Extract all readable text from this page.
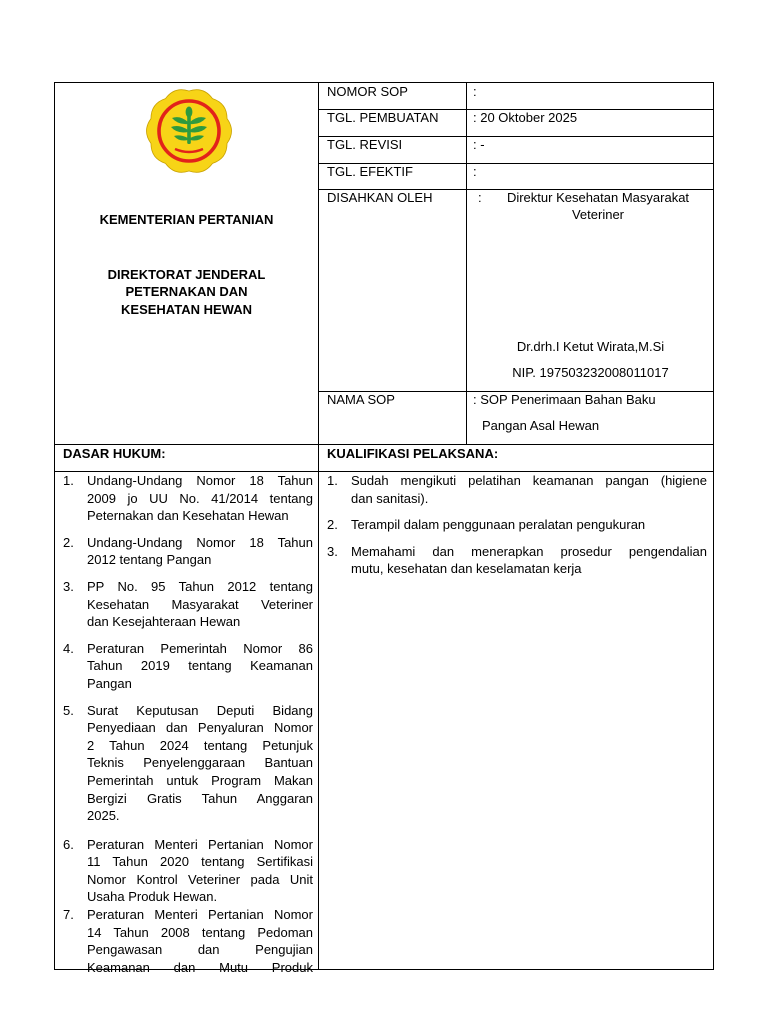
KEMENTERIAN PERTANIAN
DIREKTORAT JENDERAL
PETERNAKAN DAN
KESEHATAN HEWAN
NOMOR SOP	:
TGL. PEMBUATAN	: 20 Oktober 2025
TGL. REVISI	: -
TGL. EFEKTIF	:
DISAHKAN OLEH	:	Direktur Kesehatan Masyarakat
Veteriner
Dr.drh.I Ketut Wirata,M.Si
NIP. 197503232008011017
NAMA SOP	: SOP Penerimaan Bahan Baku
Pangan Asal Hewan
DASAR HUKUM:	KUALIFIKASI PELAKSANA:
1. Undang-Undang Nomor 18 Tahun
2009 jo UU No. 41/2014 tentang
Peternakan dan Kesehatan Hewan
2. Undang-Undang Nomor 18 Tahun
2012 tentang Pangan
3. PP No. 95 Tahun 2012 tentang
Kesehatan Masyarakat Veteriner
dan Kesejahteraan Hewan
4. Peraturan Pemerintah Nomor 86
Tahun 2019 tentang Keamanan
Pangan
5. Surat Keputusan Deputi Bidang
Penyediaan dan Penyaluran Nomor
2 Tahun 2024 tentang Petunjuk
Teknis Penyelenggaraan Bantuan
Pemerintah untuk Program Makan
Bergizi Gratis Tahun Anggaran
2025.
6. Peraturan Menteri Pertanian Nomor
11 Tahun 2020 tentang Sertifikasi
Nomor Kontrol Veteriner pada Unit
Usaha Produk Hewan.
7. Peraturan Menteri Pertanian Nomor
14 Tahun 2008 tentang Pedoman
Pengawasan dan Pengujian
Keamanan dan Mutu Produk
1. Sudah mengikuti pelatihan keamanan pangan (higiene
dan sanitasi).
2. Terampil dalam penggunaan peralatan pengukuran
3. Memahami dan menerapkan prosedur pengendalian
mutu, kesehatan dan keselamatan kerja
